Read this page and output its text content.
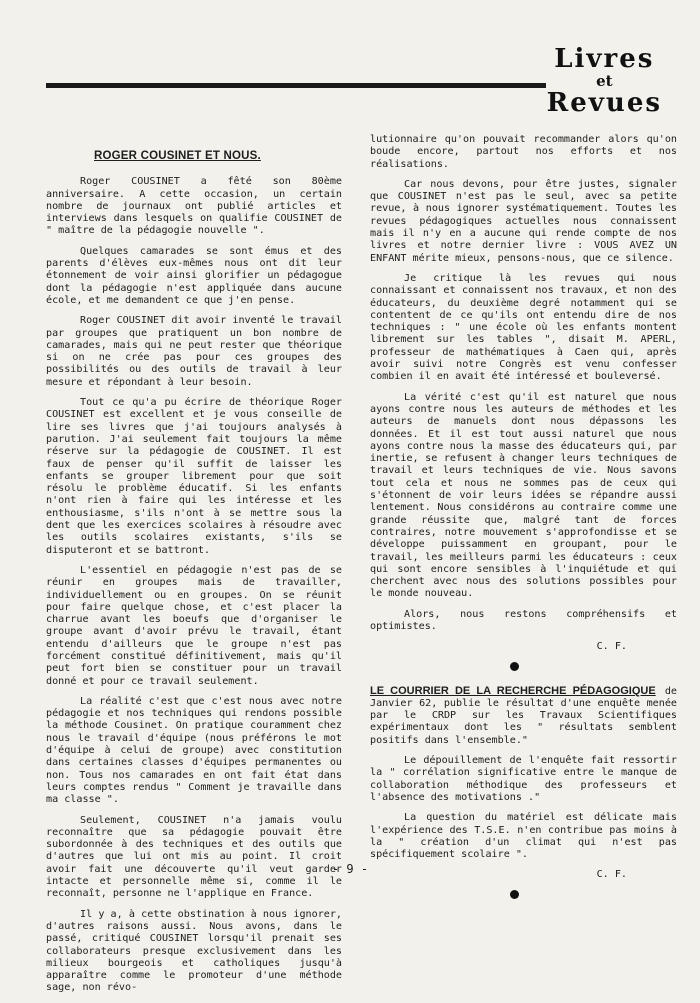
Livres
et
Revues
ROGER COUSINET ET NOUS.

Roger COUSINET a fêté son 80ème anniversaire. A cette occasion, un certain nombre de journaux ont publié articles et interviews dans lesquels on qualifie COUSINET de " maître de la pédagogie nouvelle ".

Quelques camarades se sont émus et des parents d'élèves eux-mêmes nous ont dit leur étonnement de voir ainsi glorifier un pédagogue dont la pédagogie n'est appliquée dans aucune école, et me demandent ce que j'en pense.

Roger COUSINET dit avoir inventé le travail par groupes que pratiquent un bon nombre de camarades, mais qui ne peut rester que théorique si on ne crée pas pour ces groupes des possibilités ou des outils de travail à leur mesure et répondant à leur besoin.

Tout ce qu'a pu écrire de théorique Roger COUSINET est excellent et je vous conseille de lire ses livres que j'ai toujours analysés à parution. J'ai seulement fait toujours la même réserve sur la pédagogie de COUSINET. Il est faux de penser qu'il suffit de laisser les enfants se grouper librement pour que soit résolu le problème éducatif. Si les enfants n'ont rien à faire qui les intéresse et les enthousiasme, s'ils n'ont à se mettre sous la dent que les exercices scolaires à résoudre avec les outils scolaires existants, s'ils se disputeront et se battront.

L'essentiel en pédagogie n'est pas de se réunir en groupes mais de travailler, individuellement ou en groupes. On se réunit pour faire quelque chose, et c'est placer la charrue avant les boeufs que d'organiser le groupe avant d'avoir prévu le travail, étant entendu d'ailleurs que le groupe n'est pas forcément constitué définitivement, mais qu'il peut fort bien se constituer pour un travail donné et pour ce travail seulement.

La réalité c'est que c'est nous avec notre pédagogie et nos techniques qui rendons possible la méthode Cousinet. On pratique couramment chez nous le travail d'équipe (nous préférons le mot d'équipe à celui de groupe) avec constitution dans certaines classes d'équipes permanentes ou non. Tous nos camarades en ont fait état dans leurs comptes rendus " Comment je travaille dans ma classe ".

Seulement, COUSINET n'a jamais voulu reconnaître que sa pédagogie pouvait être subordonnée à des techniques et des outils que d'autres que lui ont mis au point. Il croit avoir fait une découverte qu'il veut garder intacte et personnelle même si, comme il le reconnaît, personne ne l'applique en France.

Il y a, à cette obstination à nous ignorer, d'autres raisons aussi. Nous avons, dans le passé, critiqué COUSINET lorsqu'il prenait ses collaborateurs presque exclusivement dans les milieux bourgeois et catholiques jusqu'à apparaître comme le promoteur d'une méthode sage, non révo-

lutionnaire qu'on pouvait recommander alors qu'on boude encore, partout nos efforts et nos réalisations.

Car nous devons, pour être justes, signaler que COUSINET n'est pas le seul, avec sa petite revue, à nous ignorer systématiquement. Toutes les revues pédagogiques actuelles nous connaissent mais il n'y en a aucune qui rende compte de nos livres et notre dernier livre : VOUS AVEZ UN ENFANT mérite mieux, pensons-nous, que ce silence.

Je critique là les revues qui nous connaissant et connaissent nos travaux, et non des éducateurs, du deuxième degré notamment qui se contentent de ce qu'ils ont entendu dire de nos techniques : " une école où les enfants montent librement sur les tables ", disait M. APERL, professeur de mathématiques à Caen qui, après avoir suivi notre Congrès est venu confesser combien il en avait été intéressé et bouleversé.

La vérité c'est qu'il est naturel que nous ayons contre nous les auteurs de méthodes et les auteurs de manuels dont nous dépassons les données. Et il est tout aussi naturel que nous ayons contre nous la masse des éducateurs qui, par inertie, se refusent à changer leurs techniques de travail et leurs techniques de vie. Nous savons tout cela et nous ne sommes pas de ceux qui s'étonnent de voir leurs idées se répandre aussi lentement. Nous considérons au contraire comme une grande réussite que, malgré tant de forces contraires, notre mouvement s'approfondisse et se développe puissamment en groupant, pour le travail, les meilleurs parmi les éducateurs : ceux qui sont encore sensibles à l'inquiétude et qui cherchent avec nous des solutions possibles pour le monde nouveau.

Alors, nous restons compréhensifs et optimistes.

C. F.

LE COURRIER DE LA RECHERCHE PÉDAGOGIQUE de Janvier 62, publie le résultat d'une enquête menée par le CRDP sur les Travaux Scientifiques expérimentaux dont les " résultats semblent positifs dans l'ensemble."

Le dépouillement de l'enquête fait ressortir la " corrélation significative entre le manque de collaboration méthodique des professeurs et l'absence des motivations ."

La question du matériel est délicate mais l'expérience des T.S.E. n'en contribue pas moins à la " création d'un climat qui n'est pas spécifiquement scolaire ".

C. F.
- 9 -
